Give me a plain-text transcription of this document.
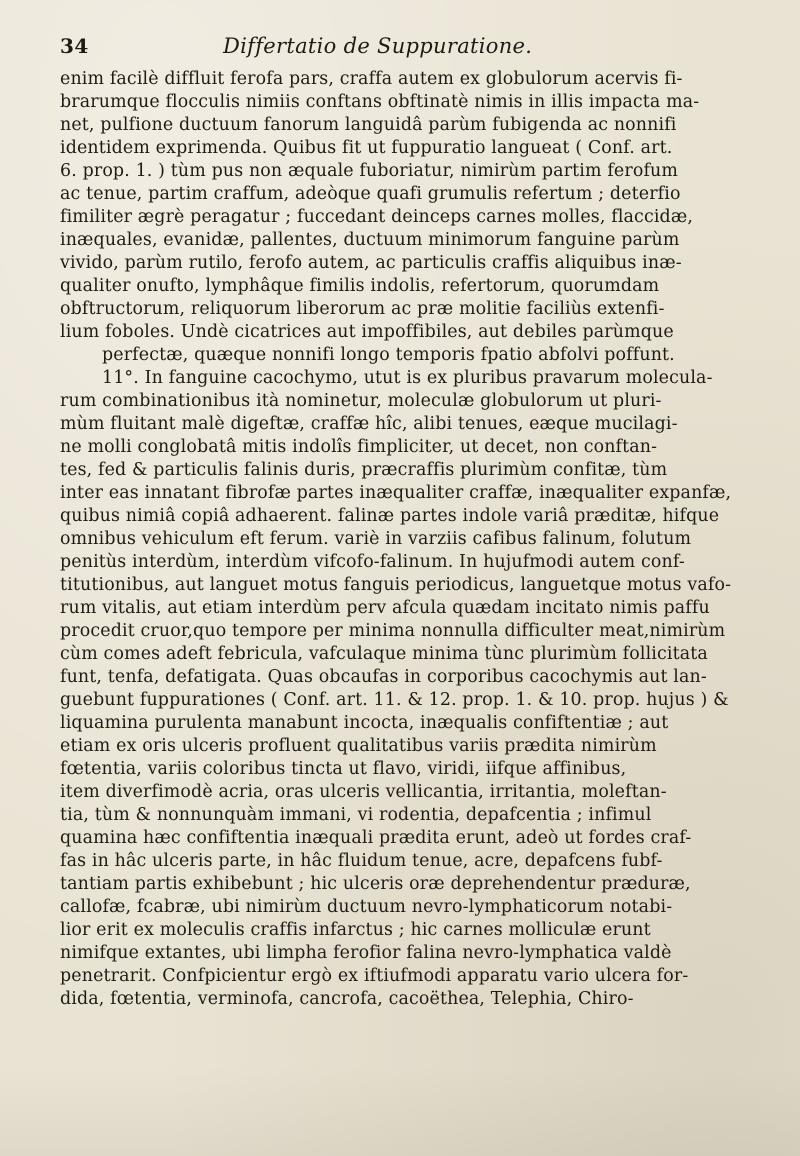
34	Differtatio de Suppuratione.
enim facilè diffluit ferofa pars, craffa autem ex globulorum acervis fi-
brarumque flocculis nimiis conftans obftinatè nimis in illis impacta ma-
net, pulfione ductuum fanorum languidâ parùm fubigenda ac nonnifi
identidem exprimenda. Quibus fit ut fuppuratio langueat ( Conf. art.
6. prop. 1. ) tùm pus non æquale fuboriatur, nimirùm partim ferofum
ac tenue, partim craffum, adeòque quafi grumulis refertum ; deterfio
fimiliter ægrè peragatur ; fuccedant deinceps carnes molles, flaccidæ,
inæquales, evanidæ, pallentes, ductuum minimorum fanguine parùm
vivido, parùm rutilo, ferofo autem, ac particulis craffis aliquibus inæ-
qualiter onufto, lymphâque fimilis indolis, refertorum, quorumdam
obftructorum, reliquorum liberorum ac præ molitie faciliùs extenfi-
lium foboles. Undè cicatrices aut impoffibiles, aut debiles parùmque
perfectæ, quæque nonnifi longo temporis fpatio abfolvi poffunt.
11°. In fanguine cacochymo, utut is ex pluribus pravarum molecula-
rum combinationibus ità nominetur, moleculæ globulorum ut pluri-
mùm fluitant malè digeftæ, craffæ hîc, alibi tenues, eæque mucilagi-
ne molli conglobatâ mitis indolîs fimpliciter, ut decet, non conftan-
tes, fed & particulis falinis duris, præcraffis plurimùm confitæ, tùm
inter eas innatant fibrofæ partes inæqualiter craffæ, inæqualiter expanfæ,
quibus nimiâ copiâ adhaerent. falinæ partes indole variâ præditæ, hifque
omnibus vehiculum eft ferum. variè in varziis cafibus falinum, folutum
penitùs interdùm, interdùm vifcofo-falinum. In hujufmodi autem conf-
titutionibus, aut languet motus fanguis periodicus, languetque motus vafo-
rum vitalis, aut etiam interdùm perv afcula quædam incitato nimis paffu
procedit cruor,quo tempore per minima nonnulla difficulter meat,nimirùm
cùm comes adeft febricula, vafculaque minima tùnc plurimùm follicitata
funt, tenfa, defatigata. Quas obcaufas in corporibus cacochymis aut lan-
guebunt fuppurationes ( Conf. art. 11. & 12. prop. 1. & 10. prop. hujus ) &
liquamina purulenta manabunt incocta, inæqualis confiftentiæ ; aut
etiam ex oris ulceris profluent qualitatibus variis prædita nimirùm
fœtentia, variis coloribus tincta ut flavo, viridi, iifque affinibus,
item diverfimodè acria, oras ulceris vellicantia, irritantia, moleftan-
tia, tùm & nonnunquàm immani, vi rodentia, depafcentia ; infimul
quamina hæc confiftentia inæquali prædita erunt, adeò ut fordes craf-
fas in hâc ulceris parte, in hâc fluidum tenue, acre, depafcens fubf-
tantiam partis exhibebunt ; hic ulceris oræ deprehendentur præduræ,
callofæ, fcabræ, ubi nimirùm ductuum nevro-lymphaticorum notabi-
lior erit ex moleculis craffis infarctus ; hic carnes molliculæ erunt
nimifque extantes, ubi limpha ferofior falina nevro-lymphatica valdè
penetrarit. Confpicientur ergò ex iftiufmodi apparatu vario ulcera for-
dida, fœtentia, verminofa, cancrofa, cacoëthea, Telephia, Chiro-
